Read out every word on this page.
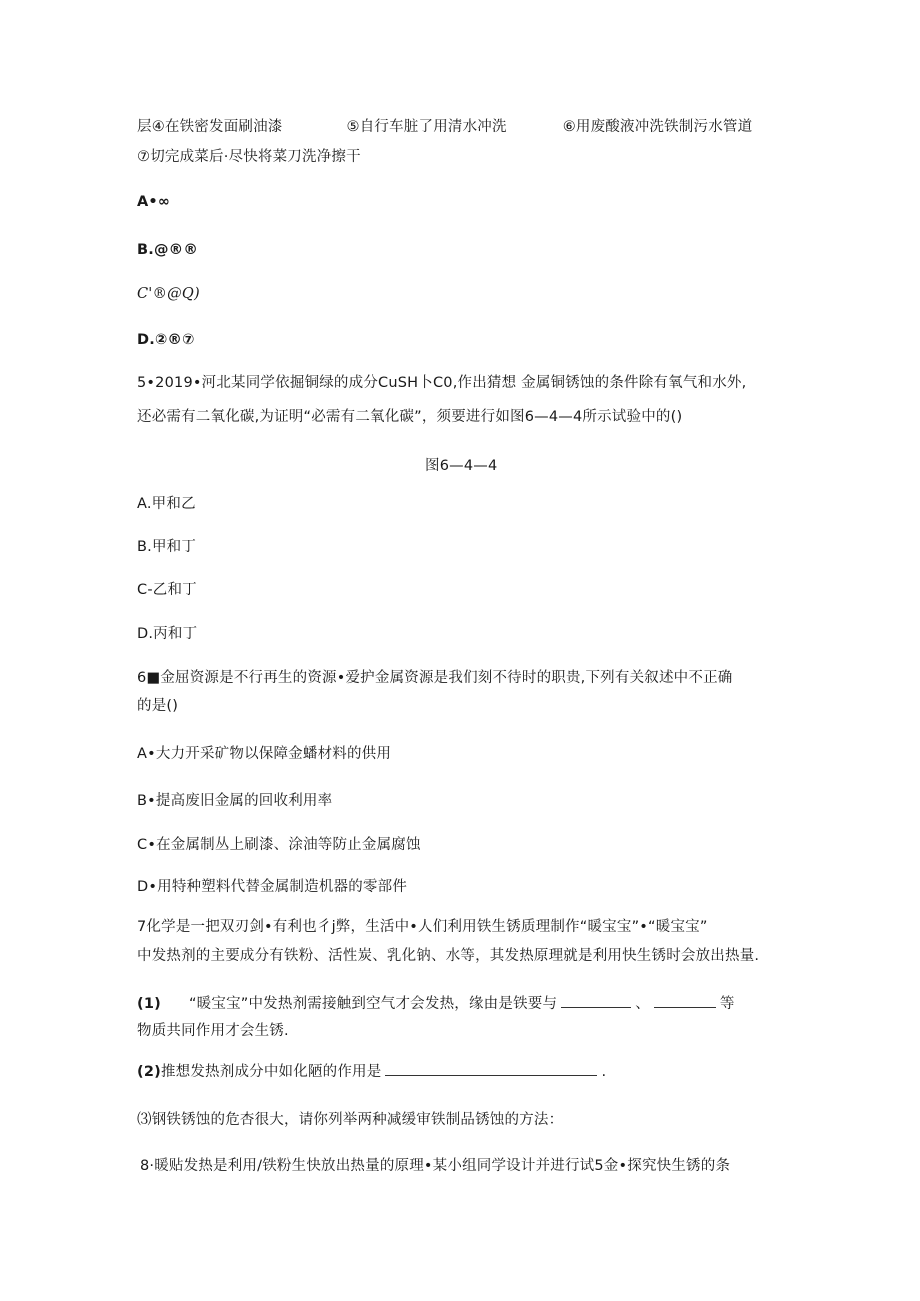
层④在铁密发面刷油漆	⑤自行车脏了用清水冲洗	⑥用废酸液冲洗铁制污水管道
⑦切完成菜后·尽快将菜刀洗净擦干
A•∞
B.@®®
C'®@Q)
D.②®⑦
5•2019•河北某同学依掘铜绿的成分CuSH卜C0,作出猜想 金属铜锈蚀的条件除有氧气和水外,
还必需有二氧化碳,为证明“必需有二氧化碳”，须要进行如图6—4—4所示试验中的()
图6—4—4
A.甲和乙
B.甲和丁
C-乙和丁
D.丙和丁
6■金屈资源是不行再生的资源•爱护金属资源是我们刻不待时的职贵,下列有关叙述中不正确
的是()
A•大力开采矿物以保障金蟠材料的供用
B•提高废旧金属的回收利用率
C•在金属制丛上刷漆、涂油等防止金属腐蚀
D•用特种塑料代替金属制造机器的零部件
7化学是一把双刃剑•有利也彳j弊，生活中•人们利用铁生锈质理制作“暖宝宝”•“暖宝宝”
中发热剂的主要成分有铁粉、活性炭、乳化钠、水等，其发热原理就是利用快生锈时会放出热量.
(1) “暖宝宝”中发热剂需接触到空气才会发热，缘由是铁要与	、	等
物质共同作用才会生锈.
(2)推想发热剂成分中如化陋的作用是	.
⑶钢铁锈蚀的危杏很大，请你列举两种减缓审铁制品锈蚀的方法：
8·暖贴发热是利用/铁粉生快放出热量的原理•某小组同学设计并进行试5金•探究快生锈的条
